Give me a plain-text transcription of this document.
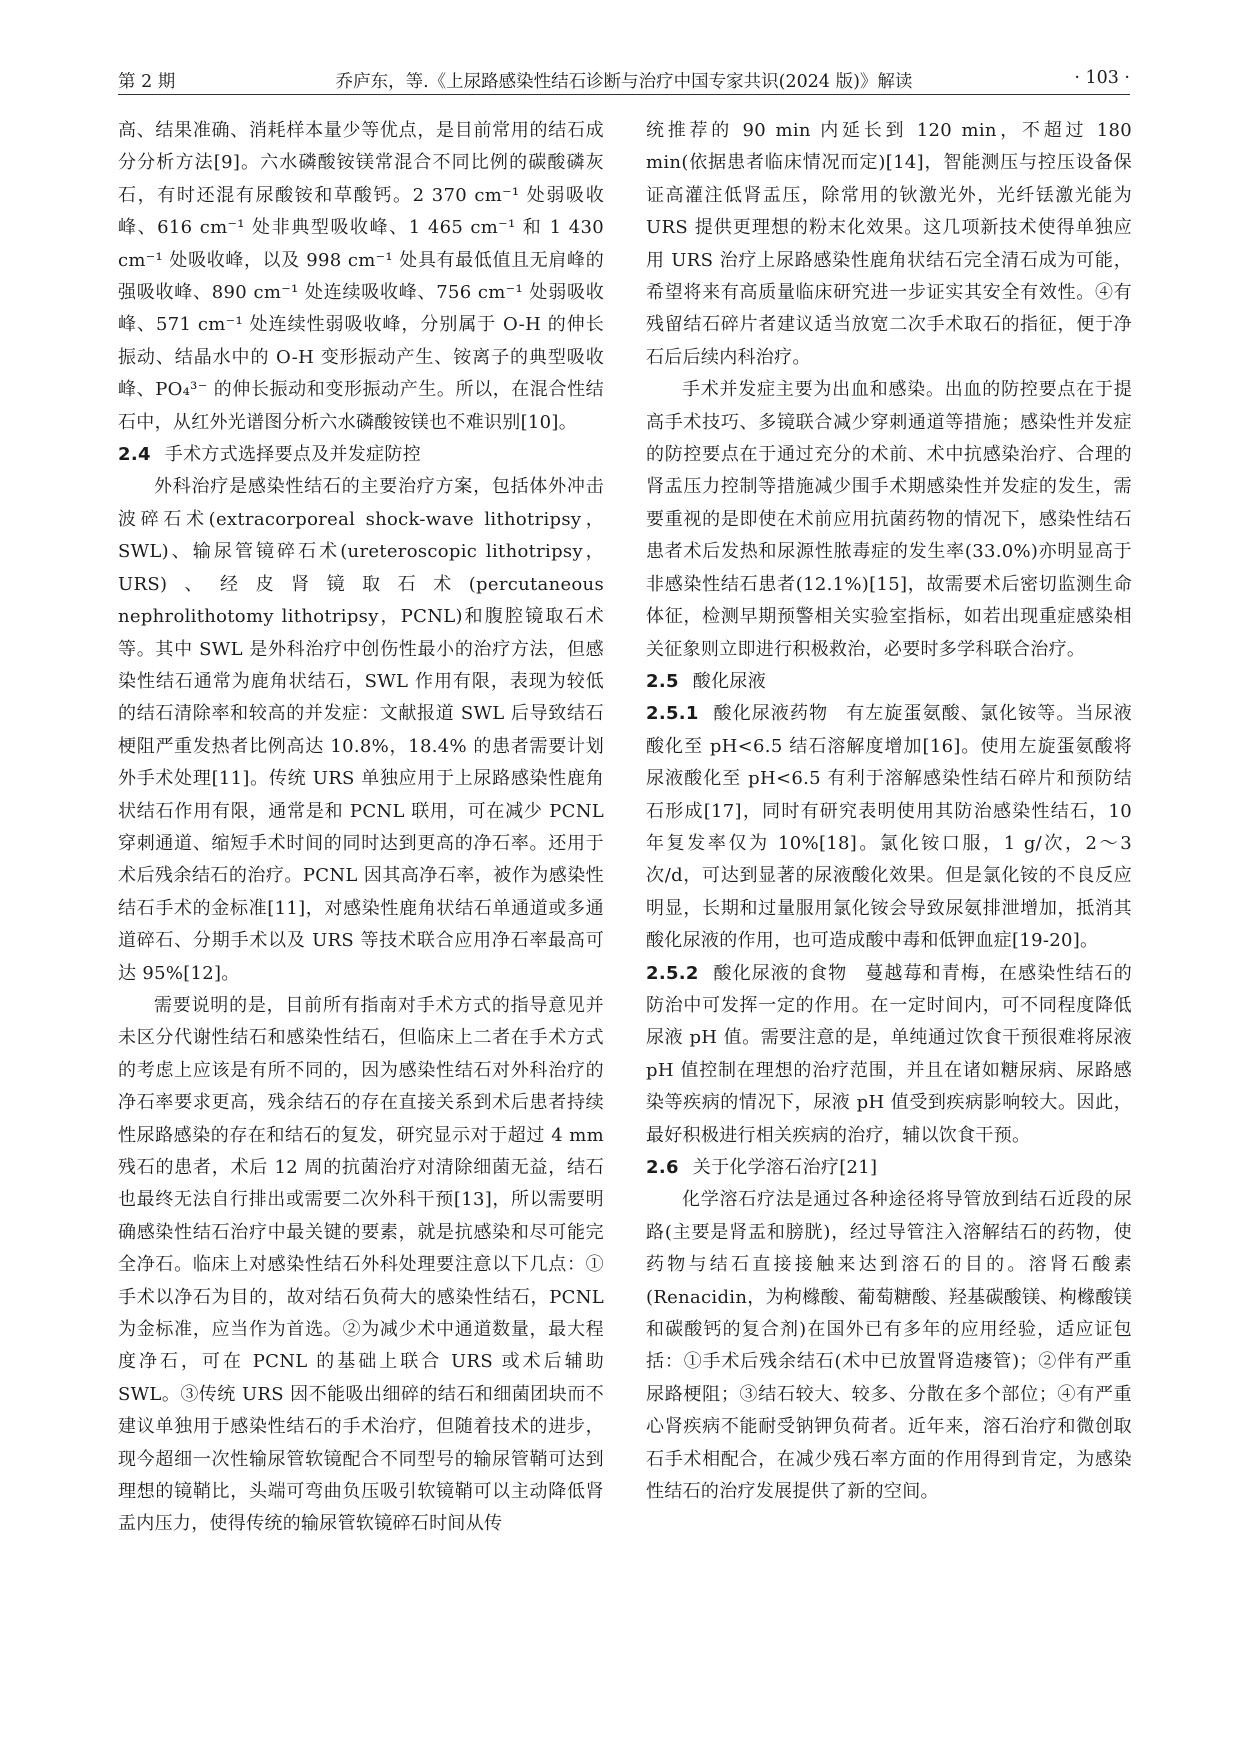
第 2 期	乔庐东，等.《上尿路感染性结石诊断与治疗中国专家共识(2024 版)》解读	· 103 ·

高、结果准确、消耗样本量少等优点，是目前常用的结石成分分析方法[9]。六水磷酸铵镁常混合不同比例的碳酸磷灰石，有时还混有尿酸铵和草酸钙。2 370 cm⁻¹ 处弱吸收峰、616 cm⁻¹ 处非典型吸收峰、1 465 cm⁻¹ 和 1 430 cm⁻¹ 处吸收峰，以及 998 cm⁻¹ 处具有最低值且无肩峰的强吸收峰、890 cm⁻¹ 处连续吸收峰、756 cm⁻¹ 处弱吸收峰、571 cm⁻¹ 处连续性弱吸收峰，分别属于 O-H 的伸长振动、结晶水中的 O-H 变形振动产生、铵离子的典型吸收峰、PO₄³⁻ 的伸长振动和变形振动产生。所以，在混合性结石中，从红外光谱图分析六水磷酸铵镁也不难识别[10]。

2.4 手术方式选择要点及并发症防控

外科治疗是感染性结石的主要治疗方案，包括体外冲击波碎石术(extracorporeal shock-wave lithotripsy，SWL)、输尿管镜碎石术(ureteroscopic lithotripsy，URS)、经皮肾镜取石术(percutaneous nephrolithotomy lithotripsy，PCNL)和腹腔镜取石术等。其中 SWL 是外科治疗中创伤性最小的治疗方法，但感染性结石通常为鹿角状结石，SWL 作用有限，表现为较低的结石清除率和较高的并发症：文献报道 SWL 后导致结石梗阻严重发热者比例高达 10.8%，18.4% 的患者需要计划外手术处理[11]。传统 URS 单独应用于上尿路感染性鹿角状结石作用有限，通常是和 PCNL 联用，可在减少 PCNL 穿刺通道、缩短手术时间的同时达到更高的净石率。还用于术后残余结石的治疗。PCNL 因其高净石率，被作为感染性结石手术的金标准[11]，对感染性鹿角状结石单通道或多通道碎石、分期手术以及 URS 等技术联合应用净石率最高可达 95%[12]。

需要说明的是，目前所有指南对手术方式的指导意见并未区分代谢性结石和感染性结石，但临床上二者在手术方式的考虑上应该是有所不同的，因为感染性结石对外科治疗的净石率要求更高，残余结石的存在直接关系到术后患者持续性尿路感染的存在和结石的复发，研究显示对于超过 4 mm 残石的患者，术后 12 周的抗菌治疗对清除细菌无益，结石也最终无法自行排出或需要二次外科干预[13]，所以需要明确感染性结石治疗中最关键的要素，就是抗感染和尽可能完全净石。临床上对感染性结石外科处理要注意以下几点：①手术以净石为目的，故对结石负荷大的感染性结石，PCNL 为金标准，应当作为首选。②为减少术中通道数量，最大程度净石，可在 PCNL 的基础上联合 URS 或术后辅助 SWL。③传统 URS 因不能吸出细碎的结石和细菌团块而不建议单独用于感染性结石的手术治疗，但随着技术的进步，现今超细一次性输尿管软镜配合不同型号的输尿管鞘可达到理想的镜鞘比，头端可弯曲负压吸引软镜鞘可以主动降低肾盂内压力，使得传统的输尿管软镜碎石时间从传

统推荐的 90 min 内延长到 120 min，不超过 180 min(依据患者临床情况而定)[14]，智能测压与控压设备保证高灌注低肾盂压，除常用的钬激光外，光纤铥激光能为 URS 提供更理想的粉末化效果。这几项新技术使得单独应用 URS 治疗上尿路感染性鹿角状结石完全清石成为可能，希望将来有高质量临床研究进一步证实其安全有效性。④有残留结石碎片者建议适当放宽二次手术取石的指征，便于净石后后续内科治疗。

手术并发症主要为出血和感染。出血的防控要点在于提高手术技巧、多镜联合减少穿刺通道等措施；感染性并发症的防控要点在于通过充分的术前、术中抗感染治疗、合理的肾盂压力控制等措施减少围手术期感染性并发症的发生，需要重视的是即使在术前应用抗菌药物的情况下，感染性结石患者术后发热和尿源性脓毒症的发生率(33.0%)亦明显高于非感染性结石患者(12.1%)[15]，故需要术后密切监测生命体征，检测早期预警相关实验室指标，如若出现重症感染相关征象则立即进行积极救治，必要时多学科联合治疗。

2.5 酸化尿液

2.5.1 酸化尿液药物 有左旋蛋氨酸、氯化铵等。当尿液酸化至 pH<6.5 结石溶解度增加[16]。使用左旋蛋氨酸将尿液酸化至 pH<6.5 有利于溶解感染性结石碎片和预防结石形成[17]，同时有研究表明使用其防治感染性结石，10 年复发率仅为 10%[18]。氯化铵口服，1 g/次，2～3 次/d，可达到显著的尿液酸化效果。但是氯化铵的不良反应明显，长期和过量服用氯化铵会导致尿氨排泄增加，抵消其酸化尿液的作用，也可造成酸中毒和低钾血症[19-20]。

2.5.2 酸化尿液的食物 蔓越莓和青梅，在感染性结石的防治中可发挥一定的作用。在一定时间内，可不同程度降低尿液 pH 值。需要注意的是，单纯通过饮食干预很难将尿液 pH 值控制在理想的治疗范围，并且在诸如糖尿病、尿路感染等疾病的情况下，尿液 pH 值受到疾病影响较大。因此，最好积极进行相关疾病的治疗，辅以饮食干预。

2.6 关于化学溶石治疗[21]

化学溶石疗法是通过各种途径将导管放到结石近段的尿路(主要是肾盂和膀胱)，经过导管注入溶解结石的药物，使药物与结石直接接触来达到溶石的目的。溶肾石酸素(Renacidin，为枸橼酸、葡萄糖酸、羟基碳酸镁、枸橼酸镁和碳酸钙的复合剂)在国外已有多年的应用经验，适应证包括：①手术后残余结石(术中已放置肾造瘘管)；②伴有严重尿路梗阻；③结石较大、较多、分散在多个部位；④有严重心肾疾病不能耐受钠钾负荷者。近年来，溶石治疗和微创取石手术相配合，在减少残石率方面的作用得到肯定，为感染性结石的治疗发展提供了新的空间。
